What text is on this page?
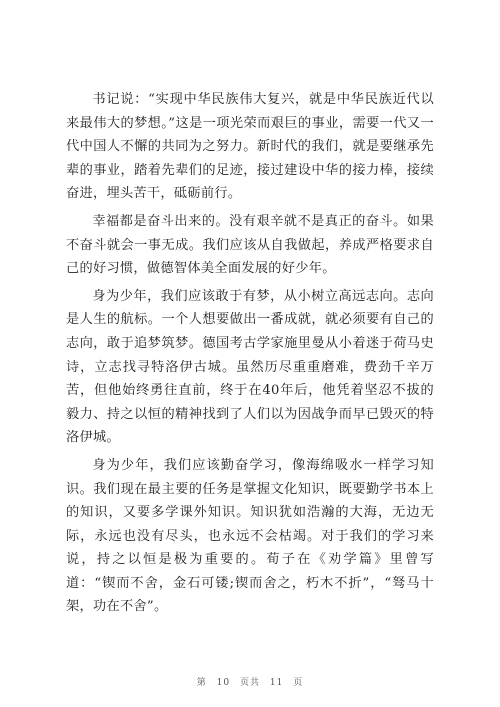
书记说：“实现中华民族伟大复兴，就是中华民族近代以来最伟大的梦想。”这是一项光荣而艰巨的事业，需要一代又一代中国人不懈的共同为之努力。新时代的我们，就是要继承先辈的事业，踏着先辈们的足迹，接过建设中华的接力棒，接续奋进，埋头苦干，砥砺前行。

幸福都是奋斗出来的。没有艰辛就不是真正的奋斗。如果不奋斗就会一事无成。我们应该从自我做起，养成严格要求自己的好习惯，做德智体美全面发展的好少年。

身为少年，我们应该敢于有梦，从小树立高远志向。志向是人生的航标。一个人想要做出一番成就，就必须要有自己的志向，敢于追梦筑梦。德国考古学家施里曼从小着迷于荷马史诗，立志找寻特洛伊古城。虽然历尽重重磨难，费劲千辛万苦，但他始终勇往直前，终于在40年后，他凭着坚忍不拔的毅力、持之以恒的精神找到了人们以为因战争而早已毁灭的特洛伊城。

身为少年，我们应该勤奋学习，像海绵吸水一样学习知识。我们现在最主要的任务是掌握文化知识，既要勤学书本上的知识，又要多学课外知识。知识犹如浩瀚的大海，无边无际，永远也没有尽头，也永远不会枯竭。对于我们的学习来说，持之以恒是极为重要的。荀子在《劝学篇》里曾写道：“锲而不舍，金石可镂;锲而舍之，朽木不折”，“驽马十架，功在不舍”。

第 10 页共 11 页
